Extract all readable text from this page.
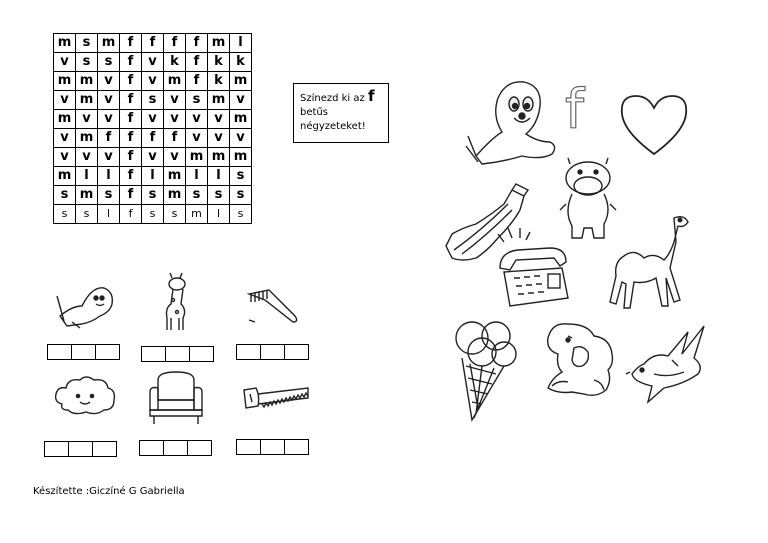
m	s	m	f	f	f	f	m	l
v	s	s	f	v	k	f	k	k
m	m	v	f	v	m	f	k	m
v	m	v	f	s	v	s	m	v
m	v	v	f	v	v	v	v	m
v	m	f	f	f	f	v	v	v
v	v	v	f	v	v	m	m	m
m	l	l	f	l	m	l	l	s
s	m	s	f	s	m	s	s	s
s	s	l	f	s	s	m	l	s
Színezd ki az f
betűs
négyzeteket!
Készítette :Giczíné G Gabriella
f
